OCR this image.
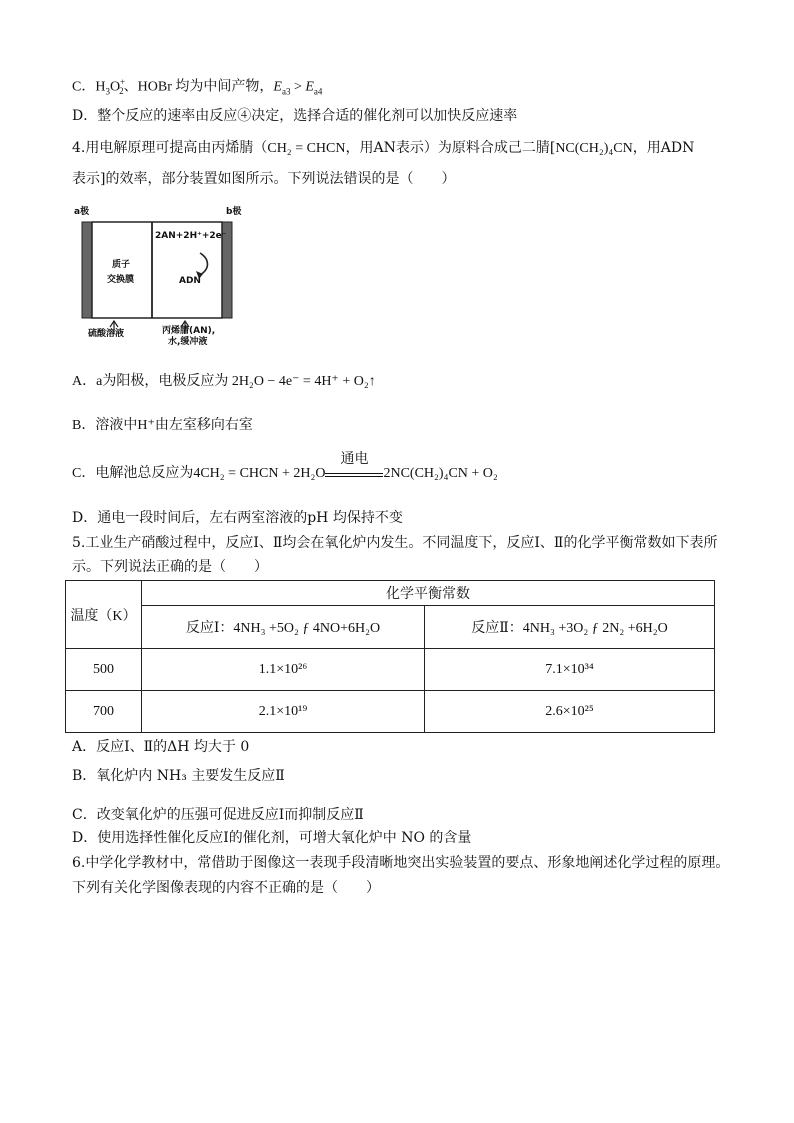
C．$H_3O^+_2$、HOBr 均为中间产物，$E_{a3} > E_{a4}$
D．整个反应的速率由反应④决定，选择合适的催化剂可以加快反应速率
4.用电解原理可提高由丙烯腈（CH₂ = CHCN，用AN表示）为原料合成己二腈[NC(CH₂)₄CN，用ADN
表示]的效率，部分装置如图所示。下列说法错误的是（　　）
a极	b极
质子
交换膜
2AN+2H⁺+2e⁻
ADN
硫酸溶液	丙烯腈(AN),
水,缓冲液
A．a为阳极，电极反应为 2H₂O − 4e⁻ = 4H⁺ + O₂↑
B．溶液中H⁺由左室移向右室
C．电解池总反应为4CH₂ = CHCN + 2H₂O
通电
2NC(CH₂)₄CN + O₂
D．通电一段时间后，左右两室溶液的pH 均保持不变
5.工业生产硝酸过程中，反应Ⅰ、Ⅱ均会在氧化炉内发生。不同温度下，反应Ⅰ、Ⅱ的化学平衡常数如下表所
示。下列说法正确的是（　　）
温度（K）	化学平衡常数	
	反应Ⅰ：4NH₃ +5O₂ ƒ 4NO+6H₂O	反应Ⅱ：4NH₃ +3O₂ ƒ 2N₂ +6H₂O
500	1.1×10²⁶	7.1×10³⁴
700	2.1×10¹⁹	2.6×10²⁵
A．反应Ⅰ、Ⅱ的ΔH 均大于 0
B．氧化炉内 NH₃ 主要发生反应Ⅱ
C．改变氧化炉的压强可促进反应Ⅰ而抑制反应Ⅱ
D．使用选择性催化反应Ⅰ的催化剂，可增大氧化炉中 NO 的含量
6.中学化学教材中，常借助于图像这一表现手段清晰地突出实验装置的要点、形象地阐述化学过程的原理。
下列有关化学图像表现的内容不正确的是（　　）
